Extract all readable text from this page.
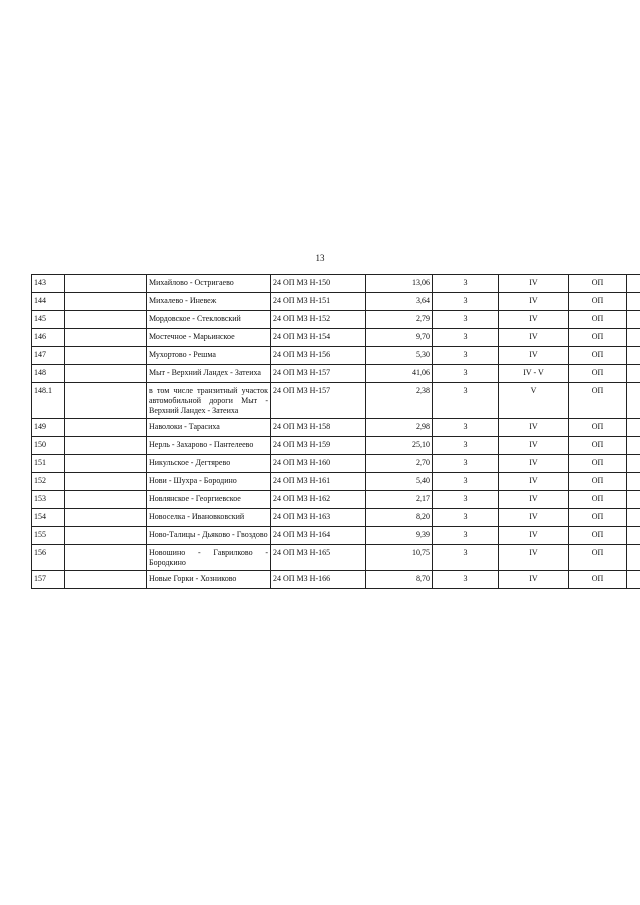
13
143		Михайлово - Остригаево	24 ОП МЗ Н-150	13,06	3	IV	ОП	
144		Михалево - Иневеж	24 ОП МЗ Н-151	3,64	3	IV	ОП	
145		Мордовское - Стекловский	24 ОП МЗ Н-152	2,79	3	IV	ОП	
146		Мостечное - Марьинское	24 ОП МЗ Н-154	9,70	3	IV	ОП	
147		Мухортово - Решма	24 ОП МЗ Н-156	5,30	3	IV	ОП	
148		Мыт - Верхний Ландех - Затеиха	24 ОП МЗ Н-157	41,06	3	IV - V	ОП	
148.1		в том числе транзитный участок автомобильной дороги Мыт - Верхний Ландех - Затеиха	24 ОП МЗ Н-157	2,38	3	V	ОП	
149		Наволоки - Тарасиха	24 ОП МЗ Н-158	2,98	3	IV	ОП	
150		Нерль - Захарово - Пантелеево	24 ОП МЗ Н-159	25,10	3	IV	ОП	
151		Никульское - Дегтярево	24 ОП МЗ Н-160	2,70	3	IV	ОП	
152		Нови - Шухра - Бородино	24 ОП МЗ Н-161	5,40	3	IV	ОП	
153		Новлянское - Георгиевское	24 ОП МЗ Н-162	2,17	3	IV	ОП	
154		Новоселка - Ивановковский	24 ОП МЗ Н-163	8,20	3	IV	ОП	
155		Ново-Талицы - Дьяково - Гвоздово	24 ОП МЗ Н-164	9,39	3	IV	ОП	
156		Новошино - Гаврилково - Бородкино	24 ОП МЗ Н-165	10,75	3	IV	ОП	
157		Новые Горки - Хозниково	24 ОП МЗ Н-166	8,70	3	IV	ОП	
